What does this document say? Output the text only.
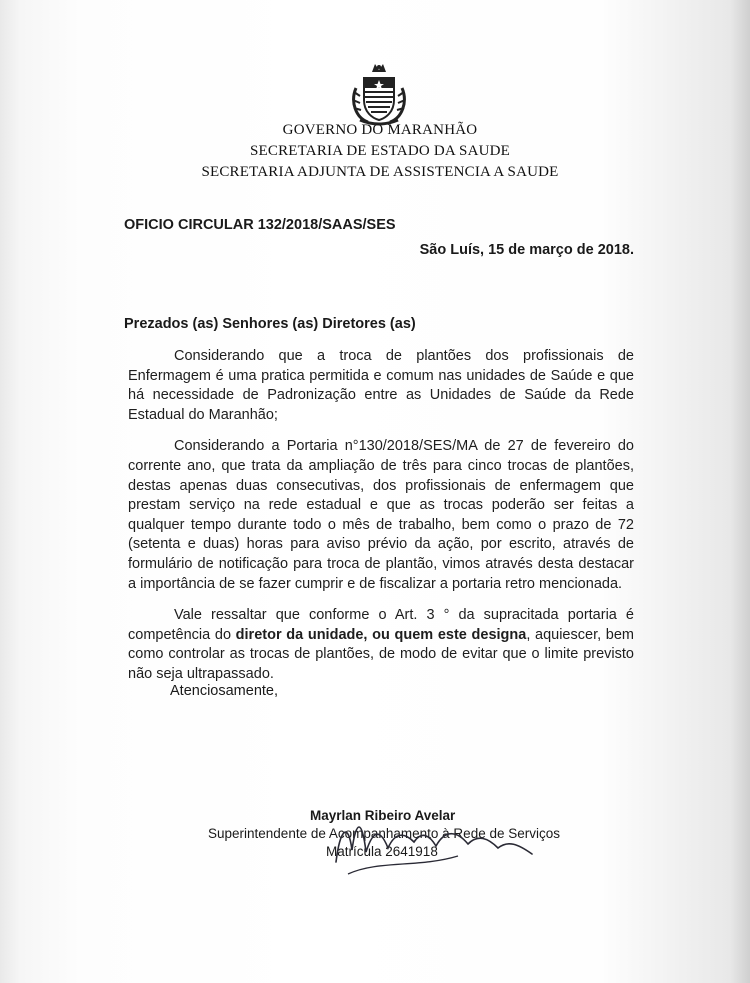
GOVERNO DO MARANHÃO
SECRETARIA DE ESTADO DA SAUDE
SECRETARIA ADJUNTA DE ASSISTENCIA A SAUDE
OFICIO CIRCULAR 132/2018/SAAS/SES
São Luís, 15 de março de 2018.
Prezados (as) Senhores (as) Diretores (as)

Considerando que a troca de plantões dos profissionais de Enfermagem é uma pratica permitida e comum nas unidades de Saúde e que há necessidade de Padronização entre as Unidades de Saúde da Rede Estadual do Maranhão;

Considerando a Portaria n°130/2018/SES/MA de 27 de fevereiro do corrente ano, que trata da ampliação de três para cinco trocas de plantões, destas apenas duas consecutivas, dos profissionais de enfermagem que prestam serviço na rede estadual e que as trocas poderão ser feitas a qualquer tempo durante todo o mês de trabalho, bem como o prazo de 72 (setenta e duas) horas para aviso prévio da ação, por escrito, através de formulário de notificação para troca de plantão, vimos através desta destacar a importância de se fazer cumprir e de fiscalizar a portaria retro mencionada.

Vale ressaltar que conforme o Art. 3 ° da supracitada portaria é competência do diretor da unidade, ou quem este designa, aquiescer, bem como controlar as trocas de plantões, de modo de evitar que o limite previsto não seja ultrapassado.

Atenciosamente,
Mayrlan Ribeiro Avelar
Superintendente de Acompanhamento à Rede de Serviços
Matrícula 2641918
